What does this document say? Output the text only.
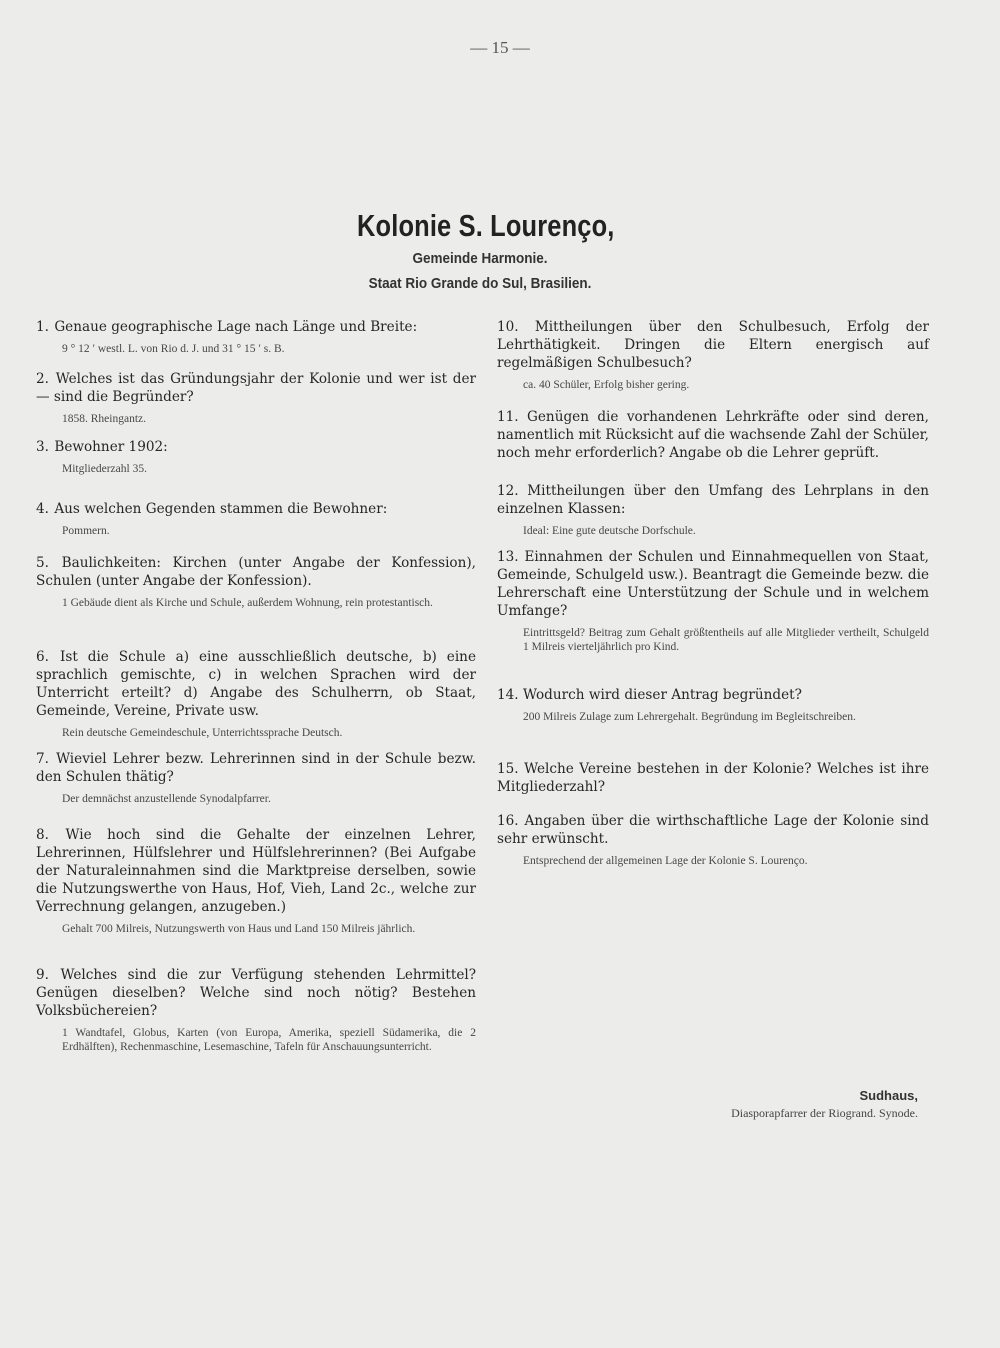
— 15 —
Kolonie S. Lourenço,
Gemeinde Harmonie.
Staat Rio Grande do Sul, Brasilien.
1. Genaue geographische Lage nach Länge und Breite:
9 ° 12 ′ westl. L. von Rio d. J. und 31 ° 15 ′ s. B.
2. Welches ist das Gründungsjahr der Kolonie und wer ist der — sind die Begründer?
1858. Rheingantz.
3. Bewohner 1902:
Mitgliederzahl 35.
4. Aus welchen Gegenden stammen die Bewohner:
Pommern.
5. Baulichkeiten: Kirchen (unter Angabe der Konfession), Schulen (unter Angabe der Konfession).
1 Gebäude dient als Kirche und Schule, außerdem Wohnung, rein protestantisch.
6. Ist die Schule a) eine ausschließlich deutsche, b) eine sprachlich gemischte, c) in welchen Sprachen wird der Unterricht erteilt? d) Angabe des Schulherrn, ob Staat, Gemeinde, Vereine, Private usw.
Rein deutsche Gemeindeschule, Unterrichtssprache Deutsch.
7. Wieviel Lehrer bezw. Lehrerinnen sind in der Schule bezw. den Schulen thätig?
Der demnächst anzustellende Synodalpfarrer.
8. Wie hoch sind die Gehalte der einzelnen Lehrer, Lehrerinnen, Hülfslehrer und Hülfslehrerinnen? (Bei Aufgabe der Naturaleinnahmen sind die Marktpreise derselben, sowie die Nutzungswerthe von Haus, Hof, Vieh, Land 2c., welche zur Verrechnung gelangen, anzugeben.)
Gehalt 700 Milreis, Nutzungswerth von Haus und Land 150 Milreis jährlich.
9. Welches sind die zur Verfügung stehenden Lehrmittel? Genügen dieselben? Welche sind noch nötig? Bestehen Volksbüchereien?
1 Wandtafel, Globus, Karten (von Europa, Amerika, speziell Südamerika, die 2 Erdhälften), Rechenmaschine, Lesemaschine, Tafeln für Anschauungsunterricht.
10. Mittheilungen über den Schulbesuch, Erfolg der Lehrthätigkeit. Dringen die Eltern energisch auf regelmäßigen Schulbesuch?
ca. 40 Schüler, Erfolg bisher gering.
11. Genügen die vorhandenen Lehrkräfte oder sind deren, namentlich mit Rücksicht auf die wachsende Zahl der Schüler, noch mehr erforderlich? Angabe ob die Lehrer geprüft.
12. Mittheilungen über den Umfang des Lehrplans in den einzelnen Klassen:
Ideal: Eine gute deutsche Dorfschule.
13. Einnahmen der Schulen und Einnahmequellen von Staat, Gemeinde, Schulgeld usw.). Beantragt die Gemeinde bezw. die Lehrerschaft eine Unterstützung der Schule und in welchem Umfange?
Eintrittsgeld? Beitrag zum Gehalt größtentheils auf alle Mitglieder vertheilt, Schulgeld 1 Milreis vierteljährlich pro Kind.
14. Wodurch wird dieser Antrag begründet?
200 Milreis Zulage zum Lehrergehalt. Begründung im Begleitschreiben.
15. Welche Vereine bestehen in der Kolonie? Welches ist ihre Mitgliederzahl?
16. Angaben über die wirthschaftliche Lage der Kolonie sind sehr erwünscht.
Entsprechend der allgemeinen Lage der Kolonie S. Lourenço.
Sudhaus,
Diasporapfarrer der Riogrand. Synode.
